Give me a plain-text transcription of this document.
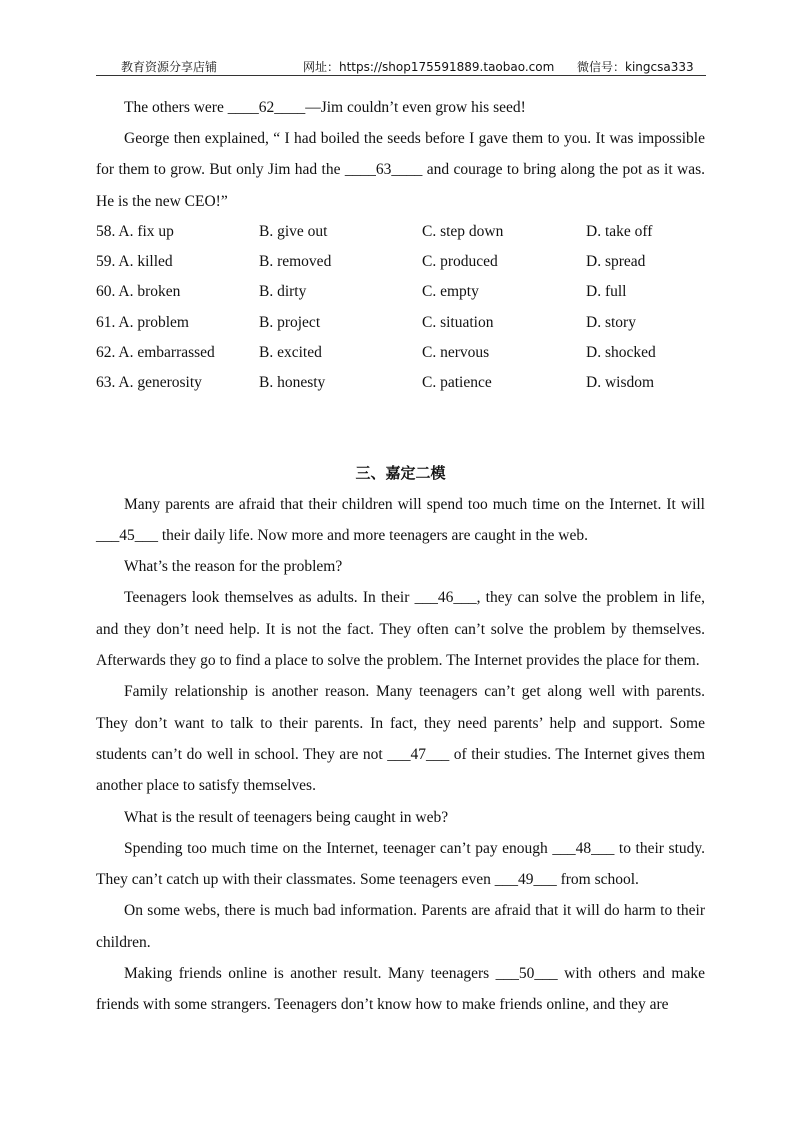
教育资源分享店铺	网址：https://shop175591889.taobao.com 微信号：kingcsa333

The others were ____62____—Jim couldn’t even grow his seed!

George then explained, “ I had boiled the seeds before I gave them to you. It was impossible for them to grow. But only Jim had the ____63____ and courage to bring along the pot as it was. He is the new CEO!”

58. A. fix up	B. give out	C. step down	D. take off
59. A. killed	B. removed	C. produced	D. spread
60. A. broken	B. dirty	C. empty	D. full
61. A. problem	B. project	C. situation	D. story
62. A. embarrassed	B. excited	C. nervous	D. shocked
63. A. generosity	B. honesty	C. patience	D. wisdom
三、嘉定二模

Many parents are afraid that their children will spend too much time on the Internet. It will ___45___ their daily life. Now more and more teenagers are caught in the web.

What’s the reason for the problem?

Teenagers look themselves as adults. In their ___46___, they can solve the problem in life, and they don’t need help. It is not the fact. They often can’t solve the problem by themselves. Afterwards they go to find a place to solve the problem. The Internet provides the place for them.

Family relationship is another reason. Many teenagers can’t get along well with parents. They don’t want to talk to their parents. In fact, they need parents’ help and support. Some students can’t do well in school. They are not ___47___ of their studies. The Internet gives them another place to satisfy themselves.

What is the result of teenagers being caught in web?

Spending too much time on the Internet, teenager can’t pay enough ___48___ to their study. They can’t catch up with their classmates. Some teenagers even ___49___ from school.

On some webs, there is much bad information. Parents are afraid that it will do harm to their children.

Making friends online is another result. Many teenagers ___50___ with others and make friends with some strangers. Teenagers don’t know how to make friends online, and they are
